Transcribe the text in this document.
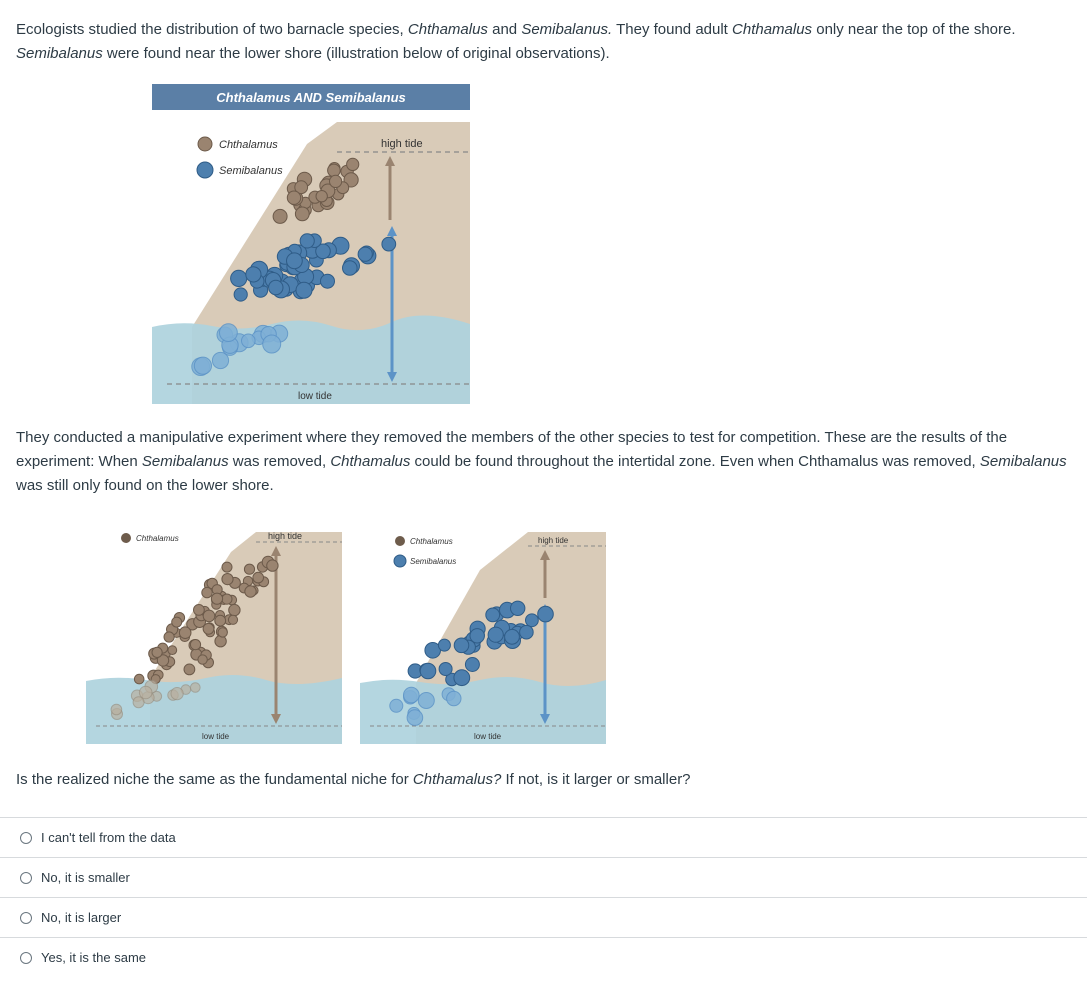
Ecologists studied the distribution of two barnacle species, Chthamalus and Semibalanus. They found adult Chthamalus only near the top of the shore. Semibalanus were found near the lower shore (illustration below of original observations).

Chthalamus AND Semibalanus
high tide
low tide
Chthalamus
Semibalanus

They conducted a manipulative experiment where they removed the members of the other species to test for competition. These are the results of the experiment: When Semibalanus was removed, Chthamalus could be found throughout the intertidal zone. Even when Chthamalus was removed, Semibalanus was still only found on the lower shore.

high tide
low tide
Chthalamus	high tide
low tide
Chthalamus
Semibalanus

Is the realized niche the same as the fundamental niche for Chthamalus? If not, is it larger or smaller?

I can't tell from the data
No, it is smaller
No, it is larger
Yes, it is the same
